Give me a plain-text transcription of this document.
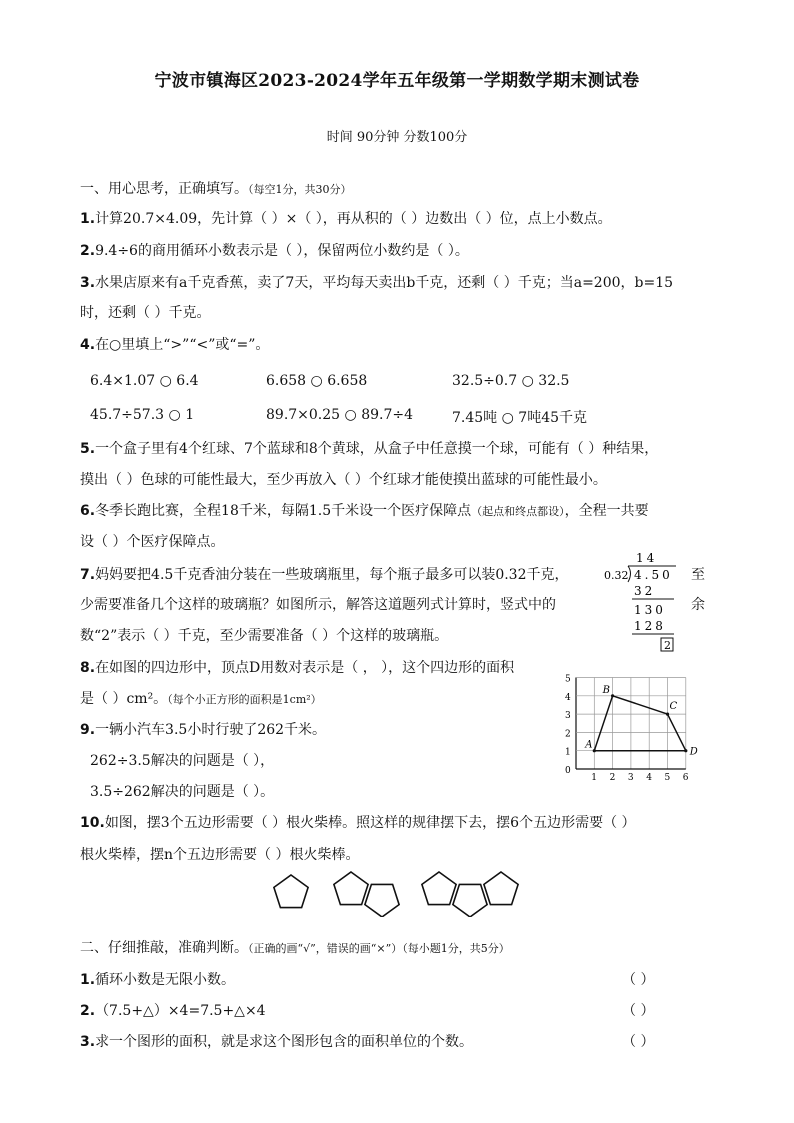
宁波市镇海区2023-2024学年五年级第一学期数学期末测试卷
时间 90分钟 分数100分
一、用心思考，正确填写。（每空1分，共30分）
1.计算20.7×4.09，先计算（ ）×（ ），再从积的（ ）边数出（ ）位，点上小数点。
2.9.4÷6的商用循环小数表示是（ ），保留两位小数约是（ ）。
3.水果店原来有a千克香蕉，卖了7天，平均每天卖出b千克，还剩（ ）千克；当a=200，b=15
时，还剩（ ）千克。
4.在○里填上“>”“<”或“=”。
6.4×1.07 ○ 6.4	6.658 ○ 6.658	32.5÷0.7 ○ 32.5
45.7÷57.3 ○ 1	89.7×0.25 ○ 89.7÷4	7.45吨 ○ 7吨45千克
5.一个盒子里有4个红球、7个蓝球和8个黄球，从盒子中任意摸一个球，可能有（ ）种结果，
摸出（ ）色球的可能性最大，至少再放入（ ）个红球才能使摸出蓝球的可能性最小。
6.冬季长跑比赛，全程18千米，每隔1.5千米设一个医疗保障点（起点和终点都设），全程一共要
设（ ）个医疗保障点。
7.妈妈要把4.5千克香油分装在一些玻璃瓶里，每个瓶子最多可以装0.32千克，	至
少需要准备几个这样的玻璃瓶？如图所示，解答这道题列式计算时，竖式中的	余
数“2”表示（ ）千克，至少需要准备（ ）个这样的玻璃瓶。
14
0.32 4.50
32
130
128
2
8.在如图的四边形中，顶点D用数对表示是（ ， ），这个四边形的面积
是（ ）cm²。（每个小正方形的面积是1cm²）
0
1 2 3 4 5 6
1
2
3
4
5
A
B
C
D
9.一辆小汽车3.5小时行驶了262千米。
262÷3.5解决的问题是（ ），
3.5÷262解决的问题是（ ）。
10.如图，摆3个五边形需要（ ）根火柴棒。照这样的规律摆下去，摆6个五边形需要（ ）
根火柴棒，摆n个五边形需要（ ）根火柴棒。
二、仔细推敲，准确判断。（正确的画“√”，错误的画“×”）（每小题1分，共5分）
1.循环小数是无限小数。	（ ）
2.（7.5+△）×4=7.5+△×4	（ ）
3.求一个图形的面积，就是求这个图形包含的面积单位的个数。	（ ）
